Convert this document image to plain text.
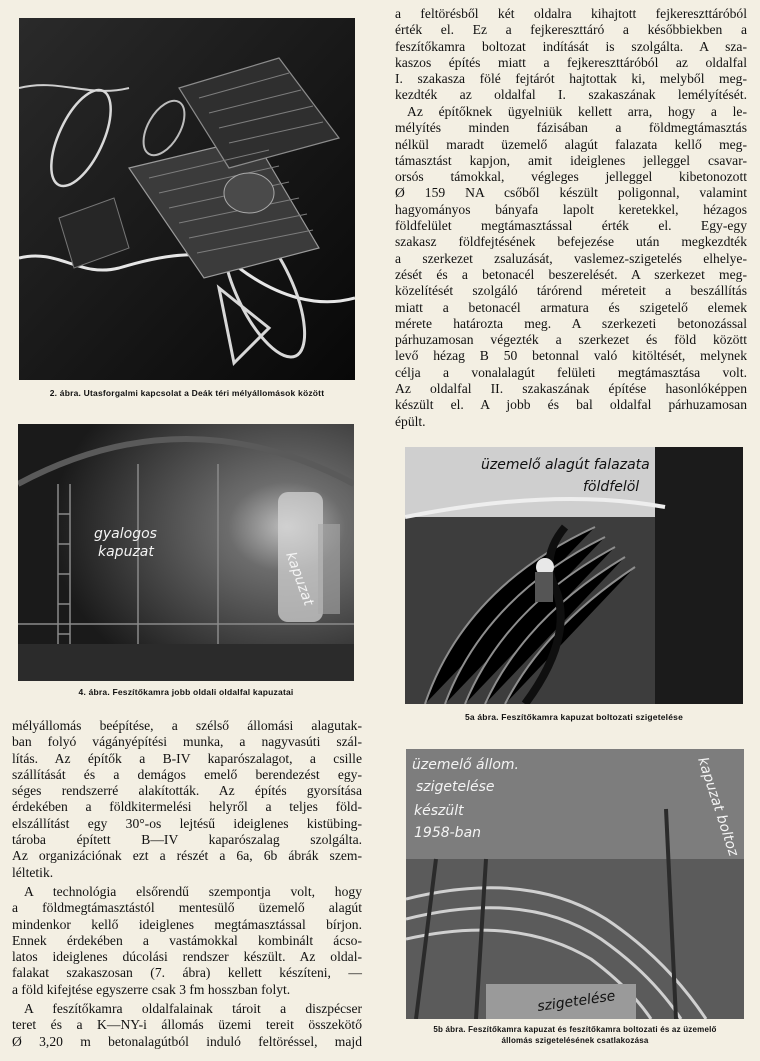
2. ábra. Utasforgalmi kapcsolat a Deák téri mélyállomások között
gyalogos
kapuzat	kapuzat
4. ábra. Feszítőkamra jobb oldali oldalfal kapuzatai
üzemelő alagút falazata
földfelöl
5a ábra. Feszítőkamra kapuzat boltozati szigetelése
üzemelő állom.
szigetelése
készült
1958-ban	kapuzat boltoz
szigetelése
5b ábra. Feszítőkamra kapuzat és feszítőkamra boltozati és az üzemelő
állomás szigetelésének csatlakozása
a feltörésből két oldalra kihajtott fejkereszttáróból
érték el. Ez a fejkereszttáró a későbbiekben a
feszítőkamra boltozat indítását is szolgálta. A sza-
kaszos építés miatt a fejkereszttáróból az oldalfal
I. szakasza fölé fejtárót hajtottak ki, melyből meg-
kezdték az oldalfal I. szakaszának lemélyítését.
Az építőknek ügyelniük kellett arra, hogy a le-
mélyítés minden fázisában a földmegtámasztás
nélkül maradt üzemelő alagút falazata kellő meg-
támasztást kapjon, amit ideiglenes jelleggel csavar-
orsós támokkal, végleges jelleggel kibetonozott
Ø 159 NA csőből készült poligonnal, valamint
hagyományos bányafa lapolt keretekkel, hézagos
földfelület megtámasztással érték el. Egy-egy
szakasz földfejtésének befejezése után megkezdték
a szerkezet zsaluzását, vaslemez-szigetelés elhelye-
zését és a betonacél beszerelését. A szerkezet meg-
közelítését szolgáló tárórend méreteit a beszállítás
miatt a betonacél armatura és szigetelő elemek
mérete határozta meg. A szerkezeti betonozással
párhuzamosan végezték a szerkezet és föld között
levő hézag B 50 betonnal való kitöltését, melynek
célja a vonalalagút felületi megtámasztása volt.
Az oldalfal II. szakaszának építése hasonlóképpen
készült el. A jobb és bal oldalfal párhuzamosan
épült.
mélyállomás beépítése, a szélső állomási alagutak-
ban folyó vágányépítési munka, a nagyvasúti szál-
lítás. Az építők a B-IV kaparószalagot, a csille
szállítását és a demágos emelő berendezést egy-
séges rendszerré alakították. Az építés gyorsítása
érdekében a földkitermelési helyről a teljes föld-
elszállítást egy 30°-os lejtésű ideiglenes kistübing-
tároba épített B—IV kaparószalag szolgálta.
Az organizációnak ezt a részét a 6a, 6b ábrák szem-
léltetik.
A technológia elsőrendű szempontja volt, hogy
a földmegtámasztástól mentesülő üzemelő alagút
mindenkor kellő ideiglenes megtámasztással bírjon.
Ennek érdekében a vastámokkal kombinált ácso-
latos ideiglenes dúcolási rendszer készült. Az oldal-
falakat szakaszosan (7. ábra) kellett készíteni, —
a föld kifejtése egyszerre csak 3 fm hosszban folyt.
A feszítőkamra oldalfalainak tároit a diszpécser
teret és a K—NY-i állomás üzemi tereit összekötő
Ø 3,20 m betonalagútból induló feltöréssel, majd
